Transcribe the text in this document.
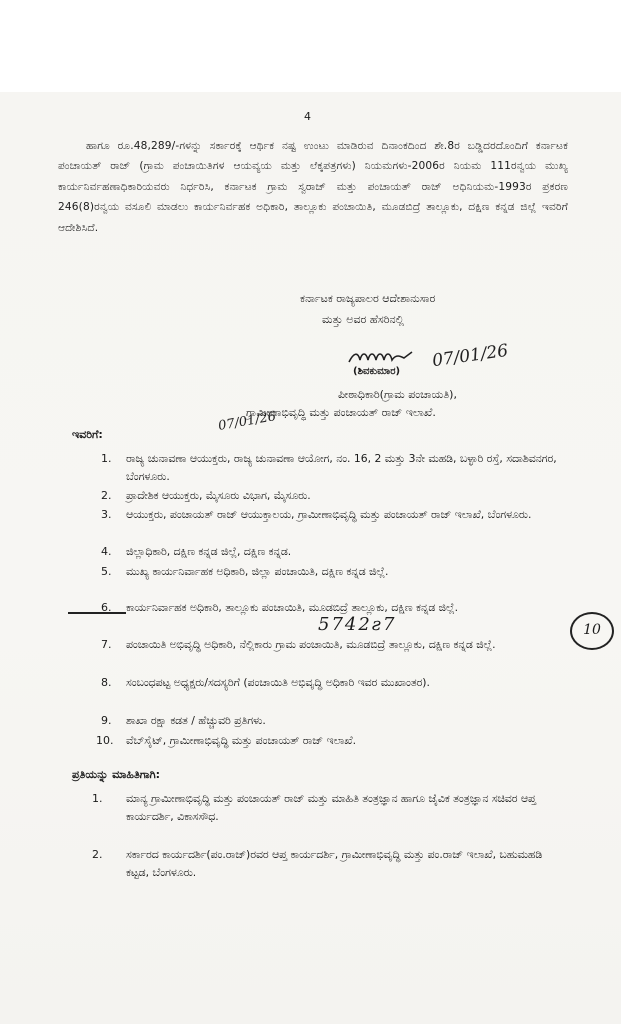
4
ಹಾಗೂ ರೂ.48,289/-ಗಳನ್ನು ಸರ್ಕಾರಕ್ಕೆ ಆರ್ಥಿಕ ನಷ್ಟ ಉಂಟು ಮಾಡಿರುವ ದಿನಾಂಕದಿಂದ ಶೇ.8ರ ಬಡ್ಡಿದರದೊಂದಿಗೆ ಕರ್ನಾಟಕ ಪಂಚಾಯತ್ ರಾಜ್ (ಗ್ರಾಮ ಪಂಚಾಯಿತಿಗಳ ಆಯವ್ಯಯ ಮತ್ತು ಲೆಕ್ಕಪತ್ರಗಳು) ನಿಯಮಗಳು-2006ರ ನಿಯಮ 111ರನ್ವಯ ಮುಖ್ಯ ಕಾರ್ಯನಿರ್ವಹಣಾಧಿಕಾರಿಯವರು ನಿರ್ಧರಿಸಿ, ಕರ್ನಾಟಕ ಗ್ರಾಮ ಸ್ವರಾಜ್ ಮತ್ತು ಪಂಚಾಯತ್ ರಾಜ್ ಅಧಿನಿಯಮ-1993ರ ಪ್ರಕರಣ 246(8)ರನ್ವಯ ವಸೂಲಿ ಮಾಡಲು ಕಾರ್ಯನಿರ್ವಹಕ ಅಧಿಕಾರಿ, ತಾಲ್ಲೂಕು ಪಂಚಾಯಿತಿ, ಮೂಡಬಿದ್ರೆ ತಾಲ್ಲೂಕು, ದಕ್ಷಿಣ ಕನ್ನಡ ಜಿಲ್ಲೆ ಇವರಿಗೆ ಆದೇಶಿಸಿದೆ.
ಕರ್ನಾಟಕ ರಾಜ್ಯಪಾಲರ ಆದೇಶಾನುಸಾರ
ಮತ್ತು ಅವರ ಹೆಸರಿನಲ್ಲಿ
(ಶಿವಕುಮಾರ)
07/01/26
ಪೀಠಾಧಿಕಾರಿ(ಗ್ರಾಮ ಪಂಚಾಯತಿ),
ಗ್ರಾಮೀಣಾಭಿವೃದ್ಧಿ ಮತ್ತು ಪಂಚಾಯತ್ ರಾಜ್ ಇಲಾಖೆ.
07/01/26
ಇವರಿಗೆ:
1. ರಾಜ್ಯ ಚುನಾವಣಾ ಆಯುಕ್ತರು, ರಾಜ್ಯ ಚುನಾವಣಾ ಆಯೋಗ, ನಂ. 16, 2 ಮತ್ತು 3ನೇ ಮಹಡಿ, ಬಳ್ಳಾರಿ ರಸ್ತೆ, ಸದಾಶಿವನಗರ, ಬೆಂಗಳೂರು.
2. ಪ್ರಾದೇಶಿಕ ಆಯುಕ್ತರು, ಮೈಸೂರು ವಿಭಾಗ, ಮೈಸೂರು.
3. ಆಯುಕ್ತರು, ಪಂಚಾಯತ್ ರಾಜ್ ಆಯುಕ್ತಾಲಯ, ಗ್ರಾಮೀಣಾಭಿವೃದ್ಧಿ ಮತ್ತು ಪಂಚಾಯತ್ ರಾಜ್ ಇಲಾಖೆ, ಬೆಂಗಳೂರು.
4. ಜಿಲ್ಲಾಧಿಕಾರಿ, ದಕ್ಷಿಣ ಕನ್ನಡ ಜಿಲ್ಲೆ, ದಕ್ಷಿಣ ಕನ್ನಡ.
5. ಮುಖ್ಯ ಕಾರ್ಯನಿರ್ವಾಹಕ ಅಧಿಕಾರಿ, ಜಿಲ್ಲಾ ಪಂಚಾಯಿತಿ, ದಕ್ಷಿಣ ಕನ್ನಡ ಜಿಲ್ಲೆ.
6. ಕಾರ್ಯನಿರ್ವಾಹಕ ಅಧಿಕಾರಿ, ತಾಲ್ಲೂಕು ಪಂಚಾಯಿತಿ, ಮೂಡಬಿದ್ರೆ ತಾಲ್ಲೂಕು, ದಕ್ಷಿಣ ಕನ್ನಡ ಜಿಲ್ಲೆ.
5742ƨ7	10
7. ಪಂಚಾಯಿತಿ ಅಭಿವೃದ್ಧಿ ಅಧಿಕಾರಿ, ನೆಲ್ಲಿಕಾರು ಗ್ರಾಮ ಪಂಚಾಯಿತಿ, ಮೂಡಬಿದ್ರೆ ತಾಲ್ಲೂಕು, ದಕ್ಷಿಣ ಕನ್ನಡ ಜಿಲ್ಲೆ.
8. ಸಂಬಂಧಪಟ್ಟ ಅಧ್ಯಕ್ಷರು/ಸದಸ್ಯರಿಗೆ (ಪಂಚಾಯಿತಿ ಅಭಿವೃದ್ಧಿ ಅಧಿಕಾರಿ ಇವರ ಮುಖಾಂತರ).
9. ಶಾಖಾ ರಕ್ಷಾ ಕಡತ / ಹೆಚ್ಚುವರಿ ಪ್ರತಿಗಳು.
10. ವೆಬ್‌ಸೈಟ್, ಗ್ರಾಮೀಣಾಭಿವೃದ್ಧಿ ಮತ್ತು ಪಂಚಾಯತ್ ರಾಜ್ ಇಲಾಖೆ.
ಪ್ರತಿಯನ್ನು ಮಾಹಿತಿಗಾಗಿ:
1. ಮಾನ್ಯ ಗ್ರಾಮೀಣಾಭಿವೃದ್ಧಿ ಮತ್ತು ಪಂಚಾಯತ್ ರಾಜ್ ಮತ್ತು ಮಾಹಿತಿ ತಂತ್ರಜ್ಞಾನ ಹಾಗೂ ಜೈವಿಕ ತಂತ್ರಜ್ಞಾನ ಸಚಿವರ ಆಪ್ತ ಕಾರ್ಯದರ್ಶಿ, ವಿಕಾಸಸೌಧ.
2. ಸರ್ಕಾರದ ಕಾರ್ಯದರ್ಶಿ(ಪಂ.ರಾಜ್)ರವರ ಆಪ್ತ ಕಾರ್ಯದರ್ಶಿ, ಗ್ರಾಮೀಣಾಭಿವೃದ್ಧಿ ಮತ್ತು ಪಂ.ರಾಜ್ ಇಲಾಖೆ, ಬಹುಮಹಡಿ ಕಟ್ಟಡ, ಬೆಂಗಳೂರು.
